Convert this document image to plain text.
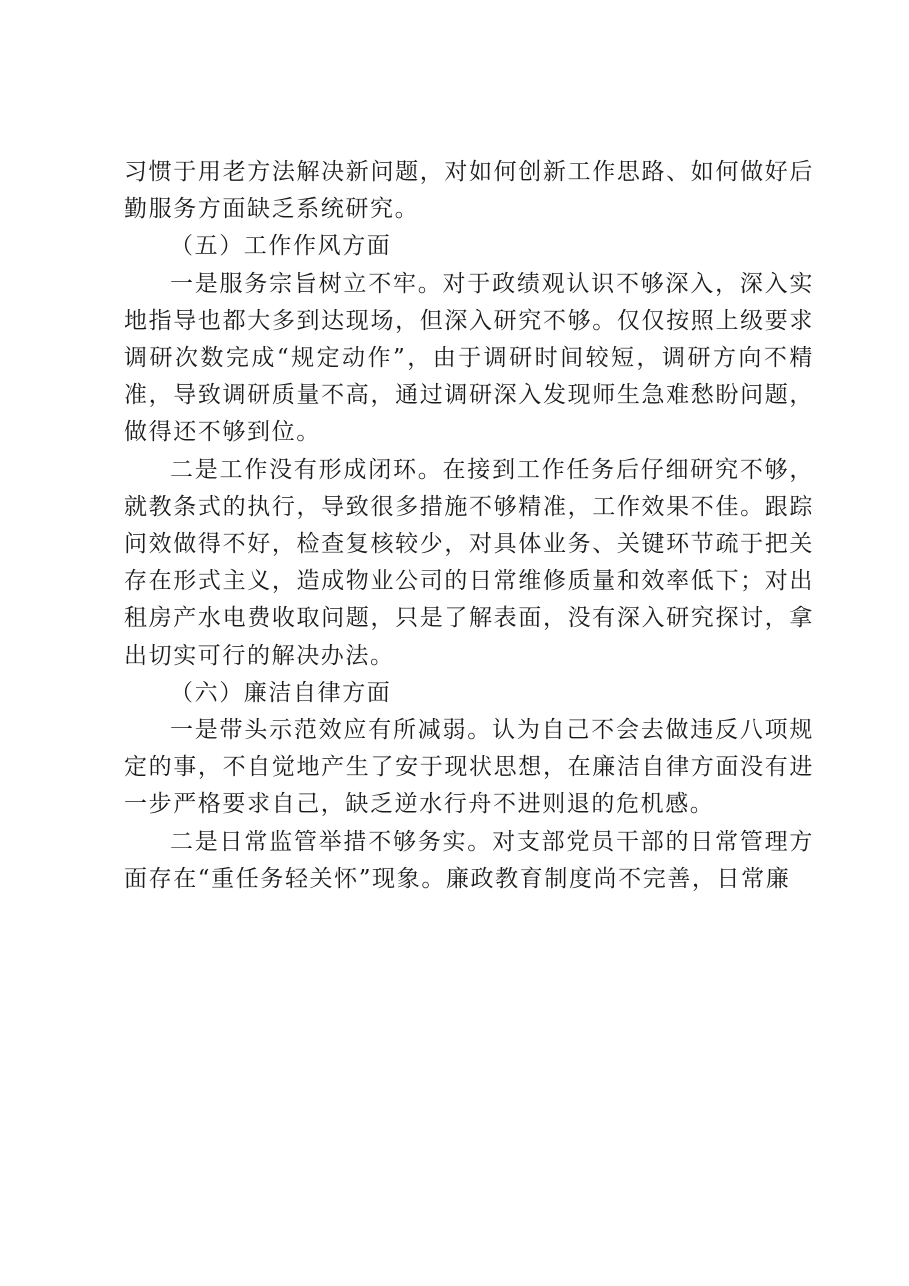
习惯于用老方法解决新问题，对如何创新工作思路、如何做好后勤服务方面缺乏系统研究。

（五）工作作风方面

一是服务宗旨树立不牢。对于政绩观认识不够深入，深入实地指导也都大多到达现场，但深入研究不够。仅仅按照上级要求调研次数完成“规定动作”，由于调研时间较短，调研方向不精准，导致调研质量不高，通过调研深入发现师生急难愁盼问题，做得还不够到位。

二是工作没有形成闭环。在接到工作任务后仔细研究不够，就教条式的执行，导致很多措施不够精准，工作效果不佳。跟踪问效做得不好，检查复核较少，对具体业务、关键环节疏于把关存在形式主义，造成物业公司的日常维修质量和效率低下；对出租房产水电费收取问题，只是了解表面，没有深入研究探讨，拿出切实可行的解决办法。

（六）廉洁自律方面

一是带头示范效应有所减弱。认为自己不会去做违反八项规定的事，不自觉地产生了安于现状思想，在廉洁自律方面没有进一步严格要求自己，缺乏逆水行舟不进则退的危机感。

二是日常监管举措不够务实。对支部党员干部的日常管理方面存在“重任务轻关怀”现象。廉政教育制度尚不完善，日常廉
